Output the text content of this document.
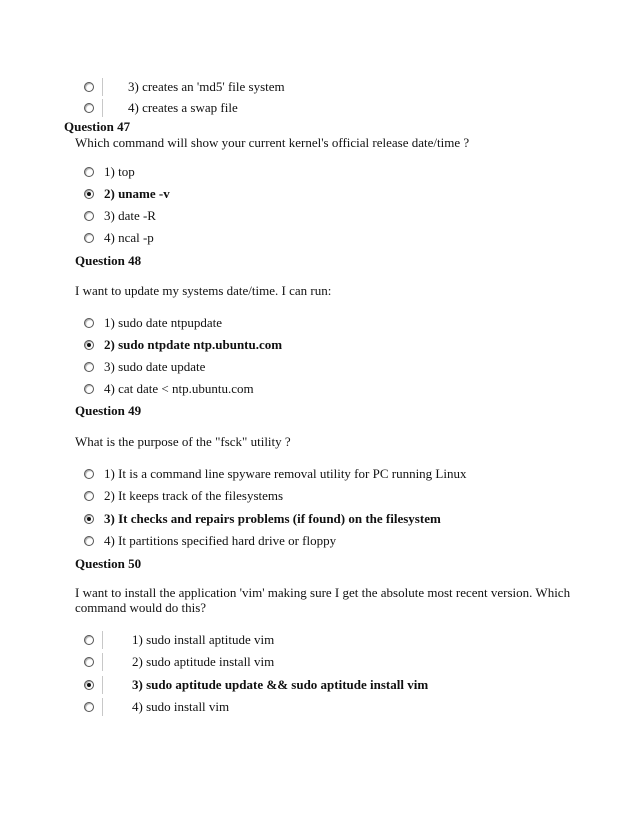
3) creates an 'md5' file system
4) creates a swap file
Question 47
Which command will show your current kernel's official release date/time ?
1) top
2) uname -v
3) date -R
4) ncal -p
Question 48
I want to update my systems date/time. I can run:
1) sudo date ntpupdate
2) sudo ntpdate ntp.ubuntu.com
3) sudo date update
4) cat date < ntp.ubuntu.com
Question 49
What is the purpose of the "fsck" utility ?
1) It is a command line spyware removal utility for PC running Linux
2) It keeps track of the filesystems
3) It checks and repairs problems (if found) on the filesystem
4) It partitions specified hard drive or floppy
Question 50
I want to install the application 'vim' making sure I get the absolute most recent version. Which
command would do this?
1) sudo install aptitude vim
2) sudo aptitude install vim
3) sudo aptitude update && sudo aptitude install vim
4) sudo install vim
